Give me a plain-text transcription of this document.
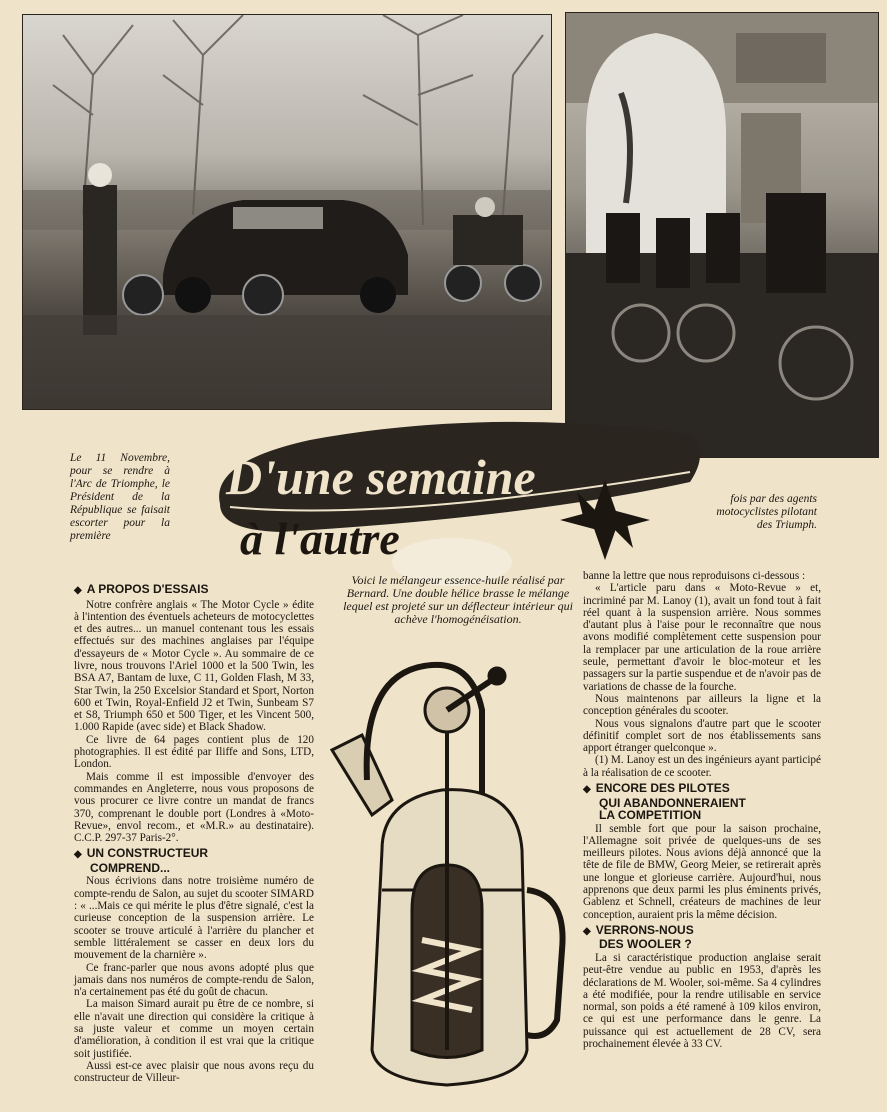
Le 11 Novembre, pour se rendre à l'Arc de Triomphe, le Président de la République se faisait escorter pour la première
fois par des agents motocyclistes pilotant des Triumph.
D'une semaine
à l'autre
Voici le mélangeur essence-huile réalisé par Bernard. Une double hélice brasse le mélange lequel est projeté sur un déflecteur intérieur qui achève l'homogénéisation.
◆ A PROPOS D'ESSAIS

Notre confrère anglais « The Motor Cycle » édite à l'intention des éventuels acheteurs de motocyclettes et des autres... un manuel contenant tous les essais effectués sur des machines anglaises par l'équipe d'essayeurs de « Motor Cycle ». Au sommaire de ce livre, nous trouvons l'Ariel 1000 et la 500 Twin, les BSA A7, Bantam de luxe, C 11, Golden Flash, M 33, Star Twin, la 250 Excelsior Standard et Sport, Norton 600 et Twin, Royal-Enfield J2 et Twin, Sunbeam S7 et S8, Triumph 650 et 500 Tiger, et les Vincent 500, 1.000 Rapide (avec side) et Black Shadow.

Ce livre de 64 pages contient plus de 120 photographies. Il est édité par Iliffe and Sons, LTD, London.

Mais comme il est impossible d'envoyer des commandes en Angleterre, nous vous proposons de vous procurer ce livre contre un mandat de francs 370, comprenant le double port (Londres à «Moto-Revue», envol recom., et «M.R.» au destinataire). C.C.P. 297-37 Paris-2°.

◆ UN CONSTRUCTEUR
COMPREND...

Nous écrivions dans notre troisième numéro de compte-rendu de Salon, au sujet du scooter SIMARD : « ...Mais ce qui mérite le plus d'être signalé, c'est la curieuse conception de la suspension arrière. Le scooter se trouve articulé à l'arrière du plancher et semble littéralement se casser en deux lors du mouvement de la charnière ».

Ce franc-parler que nous avons adopté plus que jamais dans nos numéros de compte-rendu de Salon, n'a certainement pas été du goût de chacun.

La maison Simard aurait pu être de ce nombre, si elle n'avait une direction qui considère la critique à sa juste valeur et comme un moyen certain d'amélioration, à condition il est vrai que la critique soit justifiée.

Aussi est-ce avec plaisir que nous avons reçu du constructeur de Villeur-

banne la lettre que nous reproduisons ci-dessous :

« L'article paru dans « Moto-Revue » et, incriminé par M. Lanoy (1), avait un fond tout à fait réel quant à la suspension arrière. Nous sommes d'autant plus à l'aise pour le reconnaître que nous avons modifié complètement cette suspension pour la remplacer par une articulation de la roue arrière seule, permettant d'avoir le bloc-moteur et les passagers sur la partie suspendue et de n'avoir pas de variations de chasse de la fourche.

Nous maintenons par ailleurs la ligne et la conception générales du scooter.

Nous vous signalons d'autre part que le scooter définitif complet sort de nos établissements sans apport étranger quelconque ».

(1) M. Lanoy est un des ingénieurs ayant participé à la réalisation de ce scooter.

◆ ENCORE DES PILOTES
QUI ABANDONNERAIENT
LA COMPETITION

Il semble fort que pour la saison prochaine, l'Allemagne soit privée de quelques-uns de ses meilleurs pilotes. Nous avions déjà annoncé que la tête de file de BMW, Georg Meier, se retirerait après une longue et glorieuse carrière. Aujourd'hui, nous apprenons que deux parmi les plus éminents privés, Gablenz et Schnell, créateurs de machines de leur conception, auraient pris la même décision.

◆ VERRONS-NOUS
DES WOOLER ?

La si caractéristique production anglaise serait peut-être vendue au public en 1953, d'après les déclarations de M. Wooler, soi-même. Sa 4 cylindres a été modifiée, pour la rendre utilisable en service normal, son poids a été ramené à 109 kilos environ, ce qui est une performance dans le genre. La puissance qui est actuellement de 28 CV, sera prochainement élevée à 33 CV.
